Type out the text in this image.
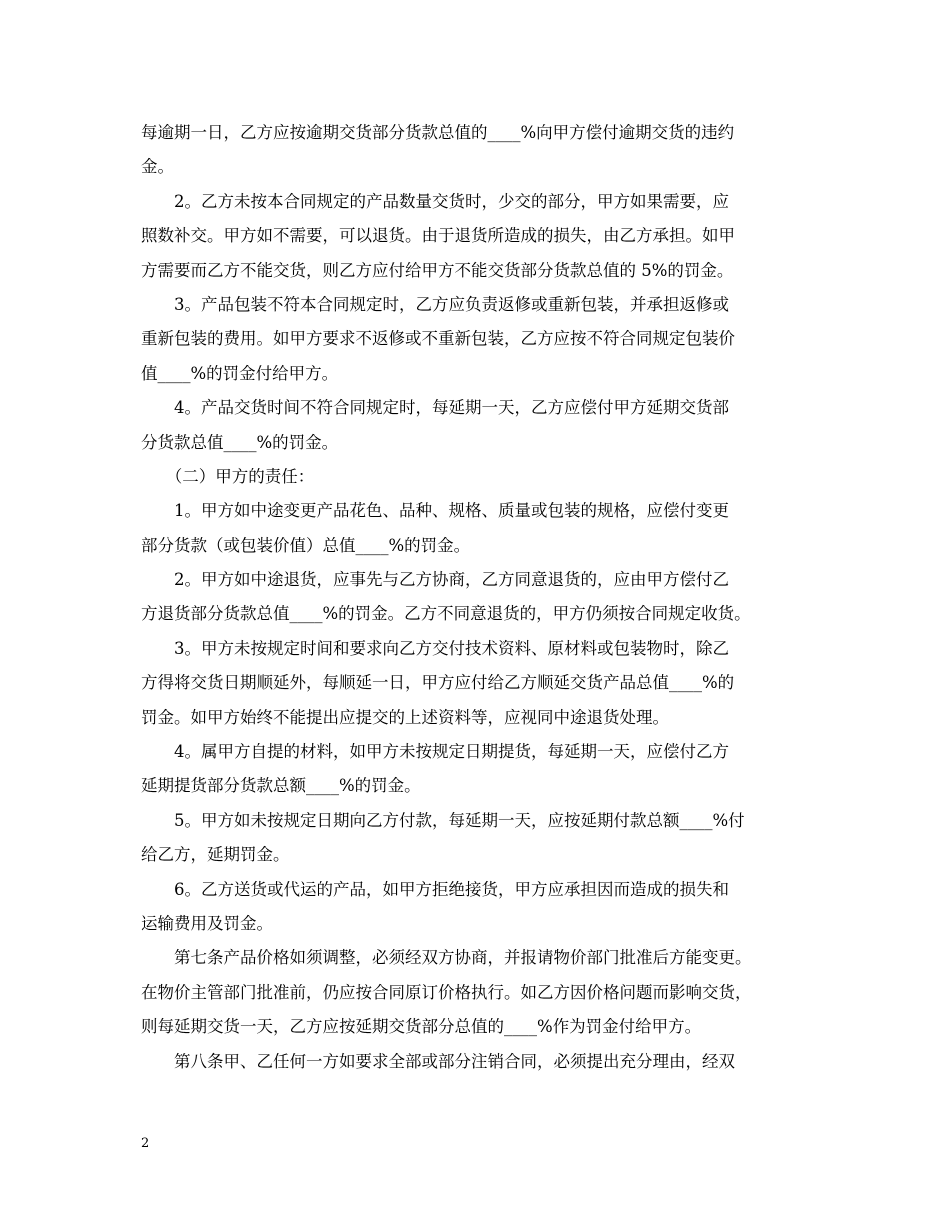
每逾期一日，乙方应按逾期交货部分货款总值的____%向甲方偿付逾期交货的违约
金。
　　2。乙方未按本合同规定的产品数量交货时，少交的部分，甲方如果需要，应
照数补交。甲方如不需要，可以退货。由于退货所造成的损失，由乙方承担。如甲
方需要而乙方不能交货，则乙方应付给甲方不能交货部分货款总值的 5%的罚金。
　　3。产品包装不符本合同规定时，乙方应负责返修或重新包装，并承担返修或
重新包装的费用。如甲方要求不返修或不重新包装，乙方应按不符合同规定包装价
值____%的罚金付给甲方。
　　4。产品交货时间不符合同规定时，每延期一天，乙方应偿付甲方延期交货部
分货款总值____%的罚金。
　　（二）甲方的责任：
　　1。甲方如中途变更产品花色、品种、规格、质量或包装的规格，应偿付变更
部分货款（或包装价值）总值____%的罚金。
　　2。甲方如中途退货，应事先与乙方协商，乙方同意退货的，应由甲方偿付乙
方退货部分货款总值____%的罚金。乙方不同意退货的，甲方仍须按合同规定收货。
　　3。甲方未按规定时间和要求向乙方交付技术资料、原材料或包装物时，除乙
方得将交货日期顺延外，每顺延一日，甲方应付给乙方顺延交货产品总值____%的
罚金。如甲方始终不能提出应提交的上述资料等，应视同中途退货处理。
　　4。属甲方自提的材料，如甲方未按规定日期提货，每延期一天，应偿付乙方
延期提货部分货款总额____%的罚金。
　　5。甲方如未按规定日期向乙方付款，每延期一天，应按延期付款总额____%付
给乙方，延期罚金。
　　6。乙方送货或代运的产品，如甲方拒绝接货，甲方应承担因而造成的损失和
运输费用及罚金。
　　第七条产品价格如须调整，必须经双方协商，并报请物价部门批准后方能变更。
在物价主管部门批准前，仍应按合同原订价格执行。如乙方因价格问题而影响交货，
则每延期交货一天，乙方应按延期交货部分总值的____%作为罚金付给甲方。
　　第八条甲、乙任何一方如要求全部或部分注销合同，必须提出充分理由，经双
2
